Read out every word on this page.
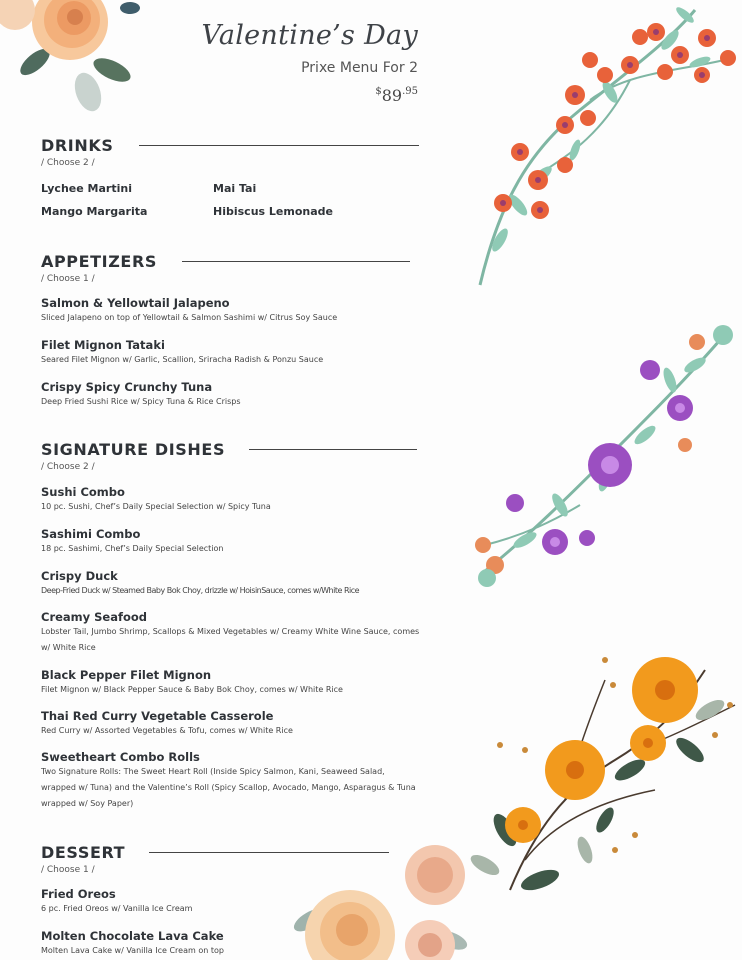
Valentine’s Day
Prixe Menu For 2
$^{\$}89^{.95}$
DRINKS
/ Choose 2 /
Lychee Martini	Mai Tai
Mango Margarita	Hibiscus Lemonade
APPETIZERS
/ Choose 1 /
Salmon & Yellowtail Jalapeno
Sliced Jalapeno on top of Yellowtail & Salmon Sashimi w/ Citrus Soy Sauce
Filet Mignon Tataki
Seared Filet Mignon w/ Garlic, Scallion, Sriracha Radish & Ponzu Sauce
Crispy Spicy Crunchy Tuna
Deep Fried Sushi Rice w/ Spicy Tuna & Rice Crisps
SIGNATURE DISHES
/ Choose 2 /
Sushi Combo
10 pc. Sushi, Chef’s Daily Special Selection w/ Spicy Tuna
Sashimi Combo
18 pc. Sashimi, Chef’s Daily Special Selection
Crispy Duck
Deep-Fried Duck w/ Steamed Baby Bok Choy, drizzle w/ HoisinSauce, comes w/White Rice
Creamy Seafood
Lobster Tail, Jumbo Shrimp, Scallops & Mixed Vegetables w/ Creamy White Wine Sauce, comes w/ White Rice
Black Pepper Filet Mignon
Filet Mignon w/ Black Pepper Sauce & Baby Bok Choy, comes w/ White Rice
Thai Red Curry Vegetable Casserole
Red Curry w/ Assorted Vegetables & Tofu, comes w/ White Rice
Sweetheart Combo Rolls
Two Signature Rolls: The Sweet Heart Roll (Inside Spicy Salmon, Kani, Seaweed Salad, wrapped w/ Tuna) and the Valentine’s Roll (Spicy Scallop, Avocado, Mango, Asparagus & Tuna wrapped w/ Soy Paper)
DESSERT
/ Choose 1 /
Fried Oreos
6 pc. Fried Oreos w/ Vanilla Ice Cream
Molten Chocolate Lava Cake
Molten Lava Cake w/ Vanilla Ice Cream on top
